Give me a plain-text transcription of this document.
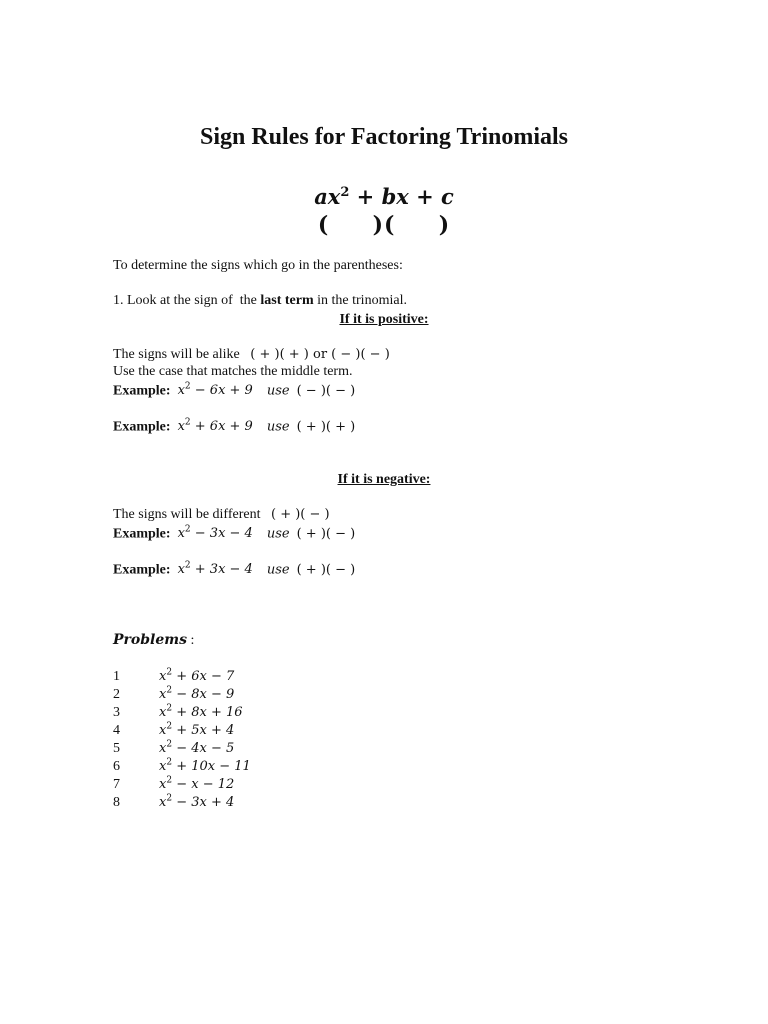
Sign Rules for Factoring Trinomials
$ax^2$ + bx + c
(     )(     )
To determine the signs which go in the parentheses:
1. Look at the sign of  the last term in the trinomial.
If it is positive:
The signs will be alike ( + )( + ) or ( − )( − )
Use the case that matches the middle term.
Example: $x^2 - 6x + 9$ use ( − )( − )
Example: $x^2 + 6x + 9$ use ( + )( + )
If it is negative:
The signs will be different ( + )( − )
Example: $x^2 - 3x - 4$ use ( + )( − )
Example: $x^2 + 3x - 4$ use ( + )( − )
Problems :
1	$x^2 + 6x - 7$
2	$x^2 - 8x - 9$
3	$x^2 + 8x + 16$
4	$x^2 + 5x + 4$
5	$x^2 - 4x - 5$
6	$x^2 + 10x - 11$
7	$x^2 - x - 12$
8	$x^2 - 3x + 4$
